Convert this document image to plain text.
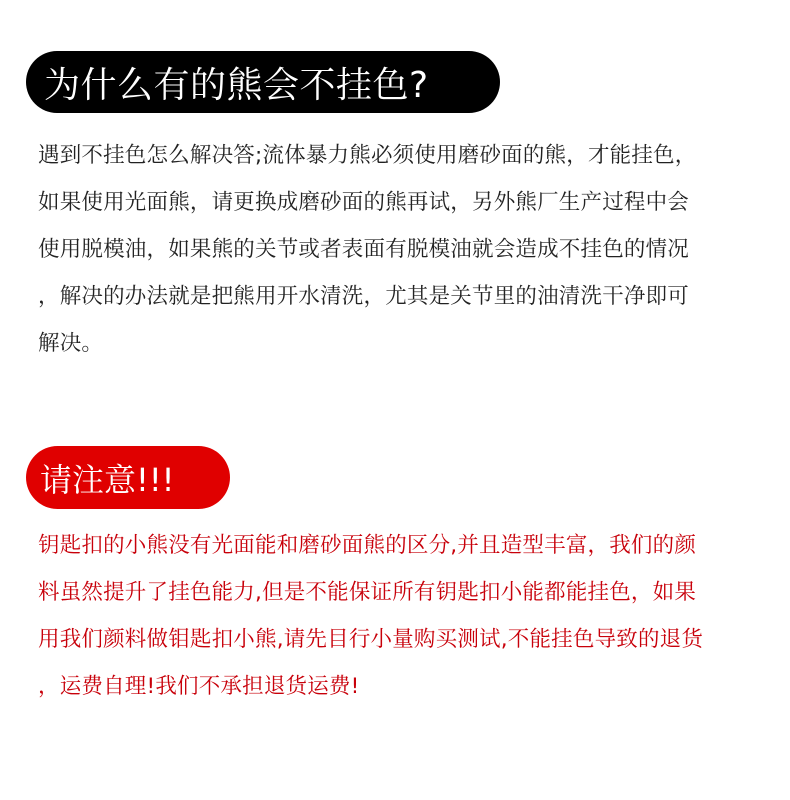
为什么有的熊会不挂色?
遇到不挂色怎么解决答;流体暴力熊必须使用磨砂面的熊，才能挂色，
如果使用光面熊，请更换成磨砂面的熊再试，另外熊厂生产过程中会
使用脱模油，如果熊的关节或者表面有脱模油就会造成不挂色的情况
，解决的办法就是把熊用开水清洗，尤其是关节里的油清洗干净即可
解决。
请注意!!!
钥匙扣的小熊没有光面能和磨砂面熊的区分,并且造型丰富，我们的颜
料虽然提升了挂色能力,但是不能保证所有钥匙扣小能都能挂色，如果
用我们颜料做钼匙扣小熊,请先目行小量购买测试,不能挂色导致的退货
，运费自理!我们不承担退货运费!
